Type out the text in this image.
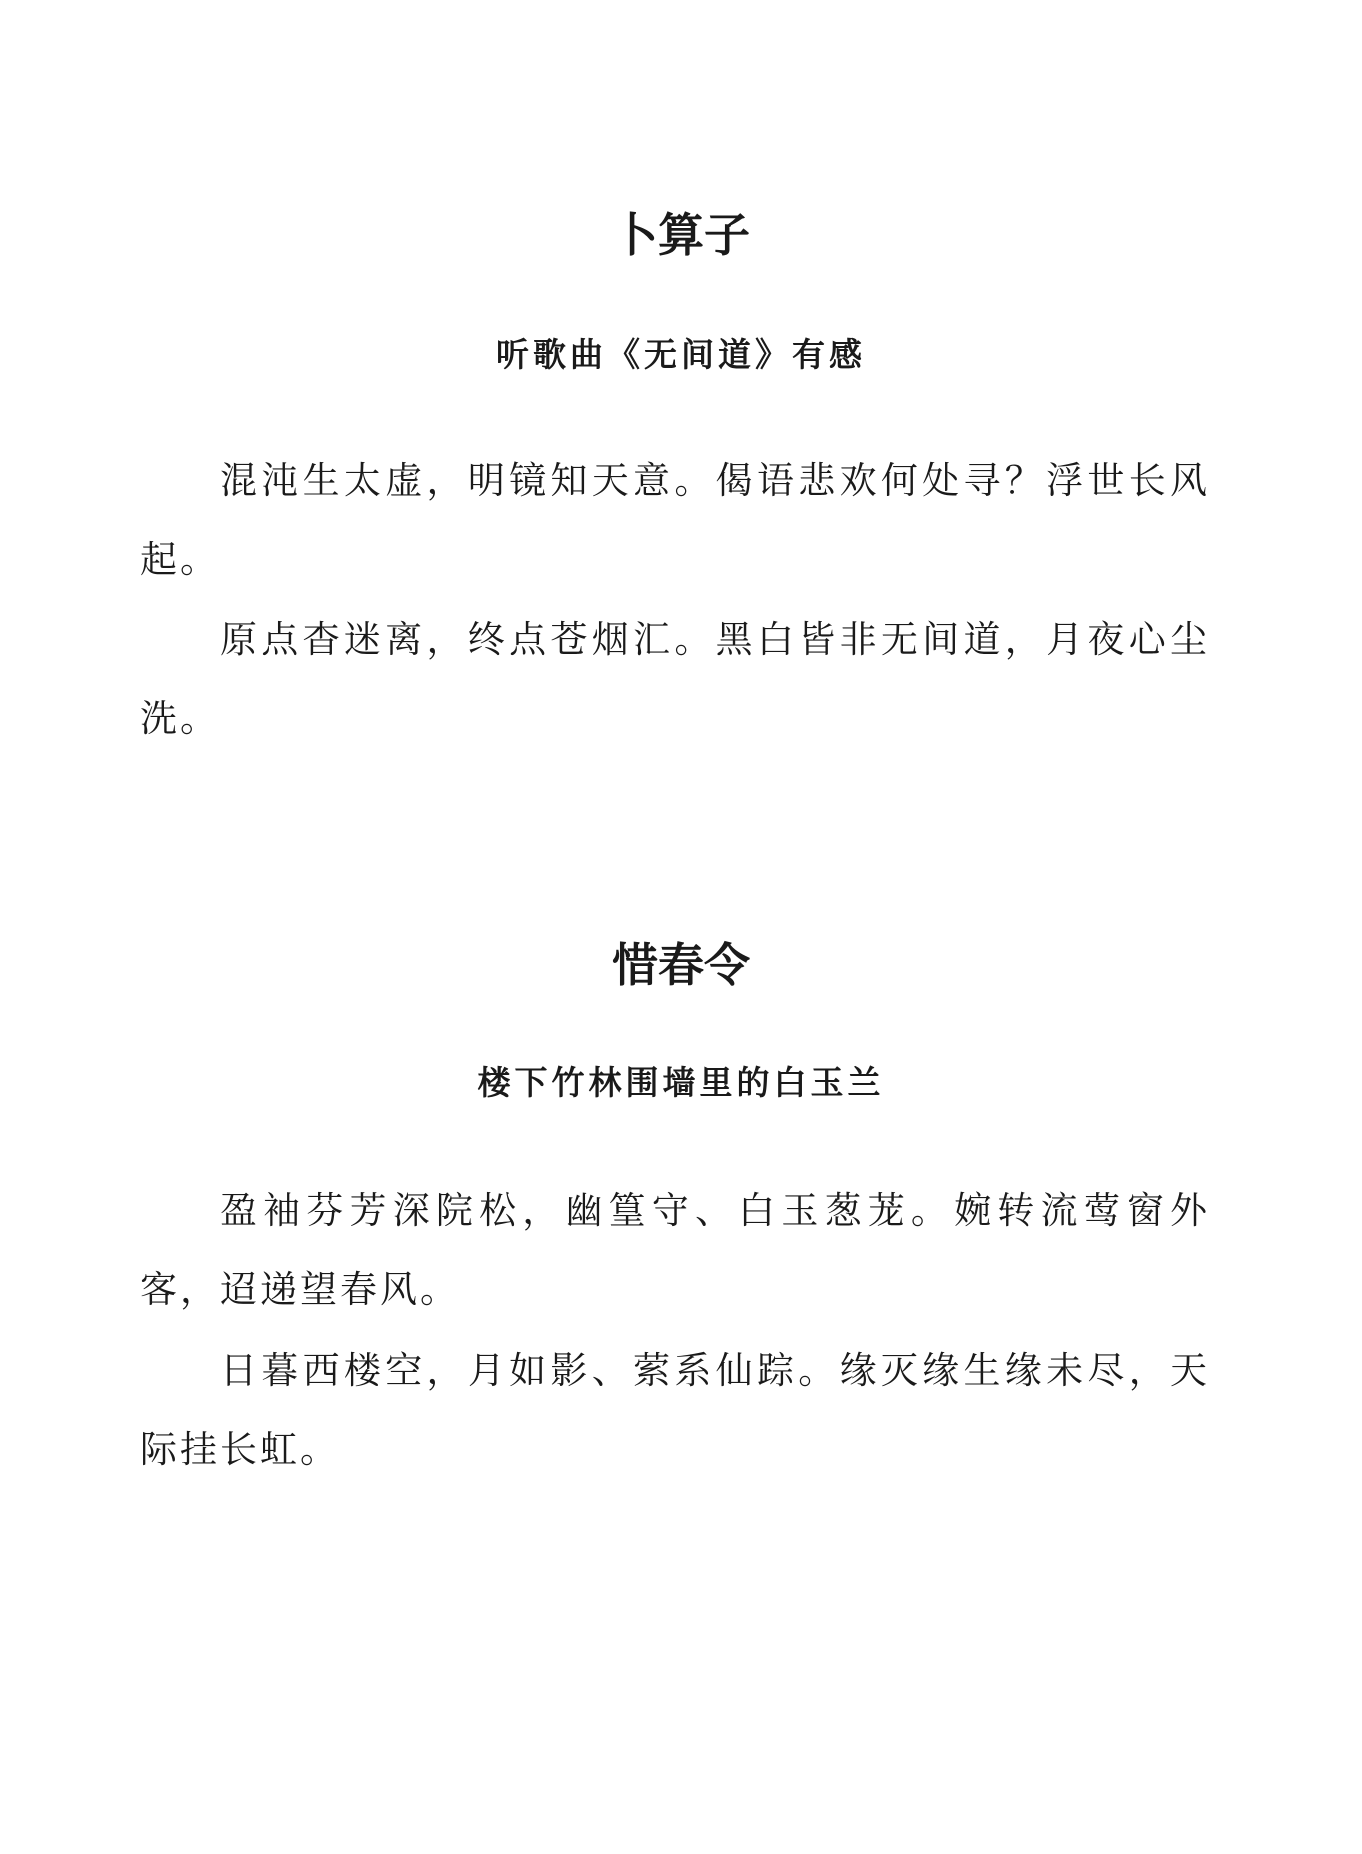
卜算子
听歌曲《无间道》有感

混沌生太虚，明镜知天意。偈语悲欢何处寻？浮世长风起。

原点杳迷离，终点苍烟汇。黑白皆非无间道，月夜心尘洗。

惜春令
楼下竹林围墙里的白玉兰

盈袖芬芳深院松，幽篁守、白玉葱茏。婉转流莺窗外客，迢递望春风。

日暮西楼空，月如影、萦系仙踪。缘灭缘生缘未尽，天际挂长虹。
